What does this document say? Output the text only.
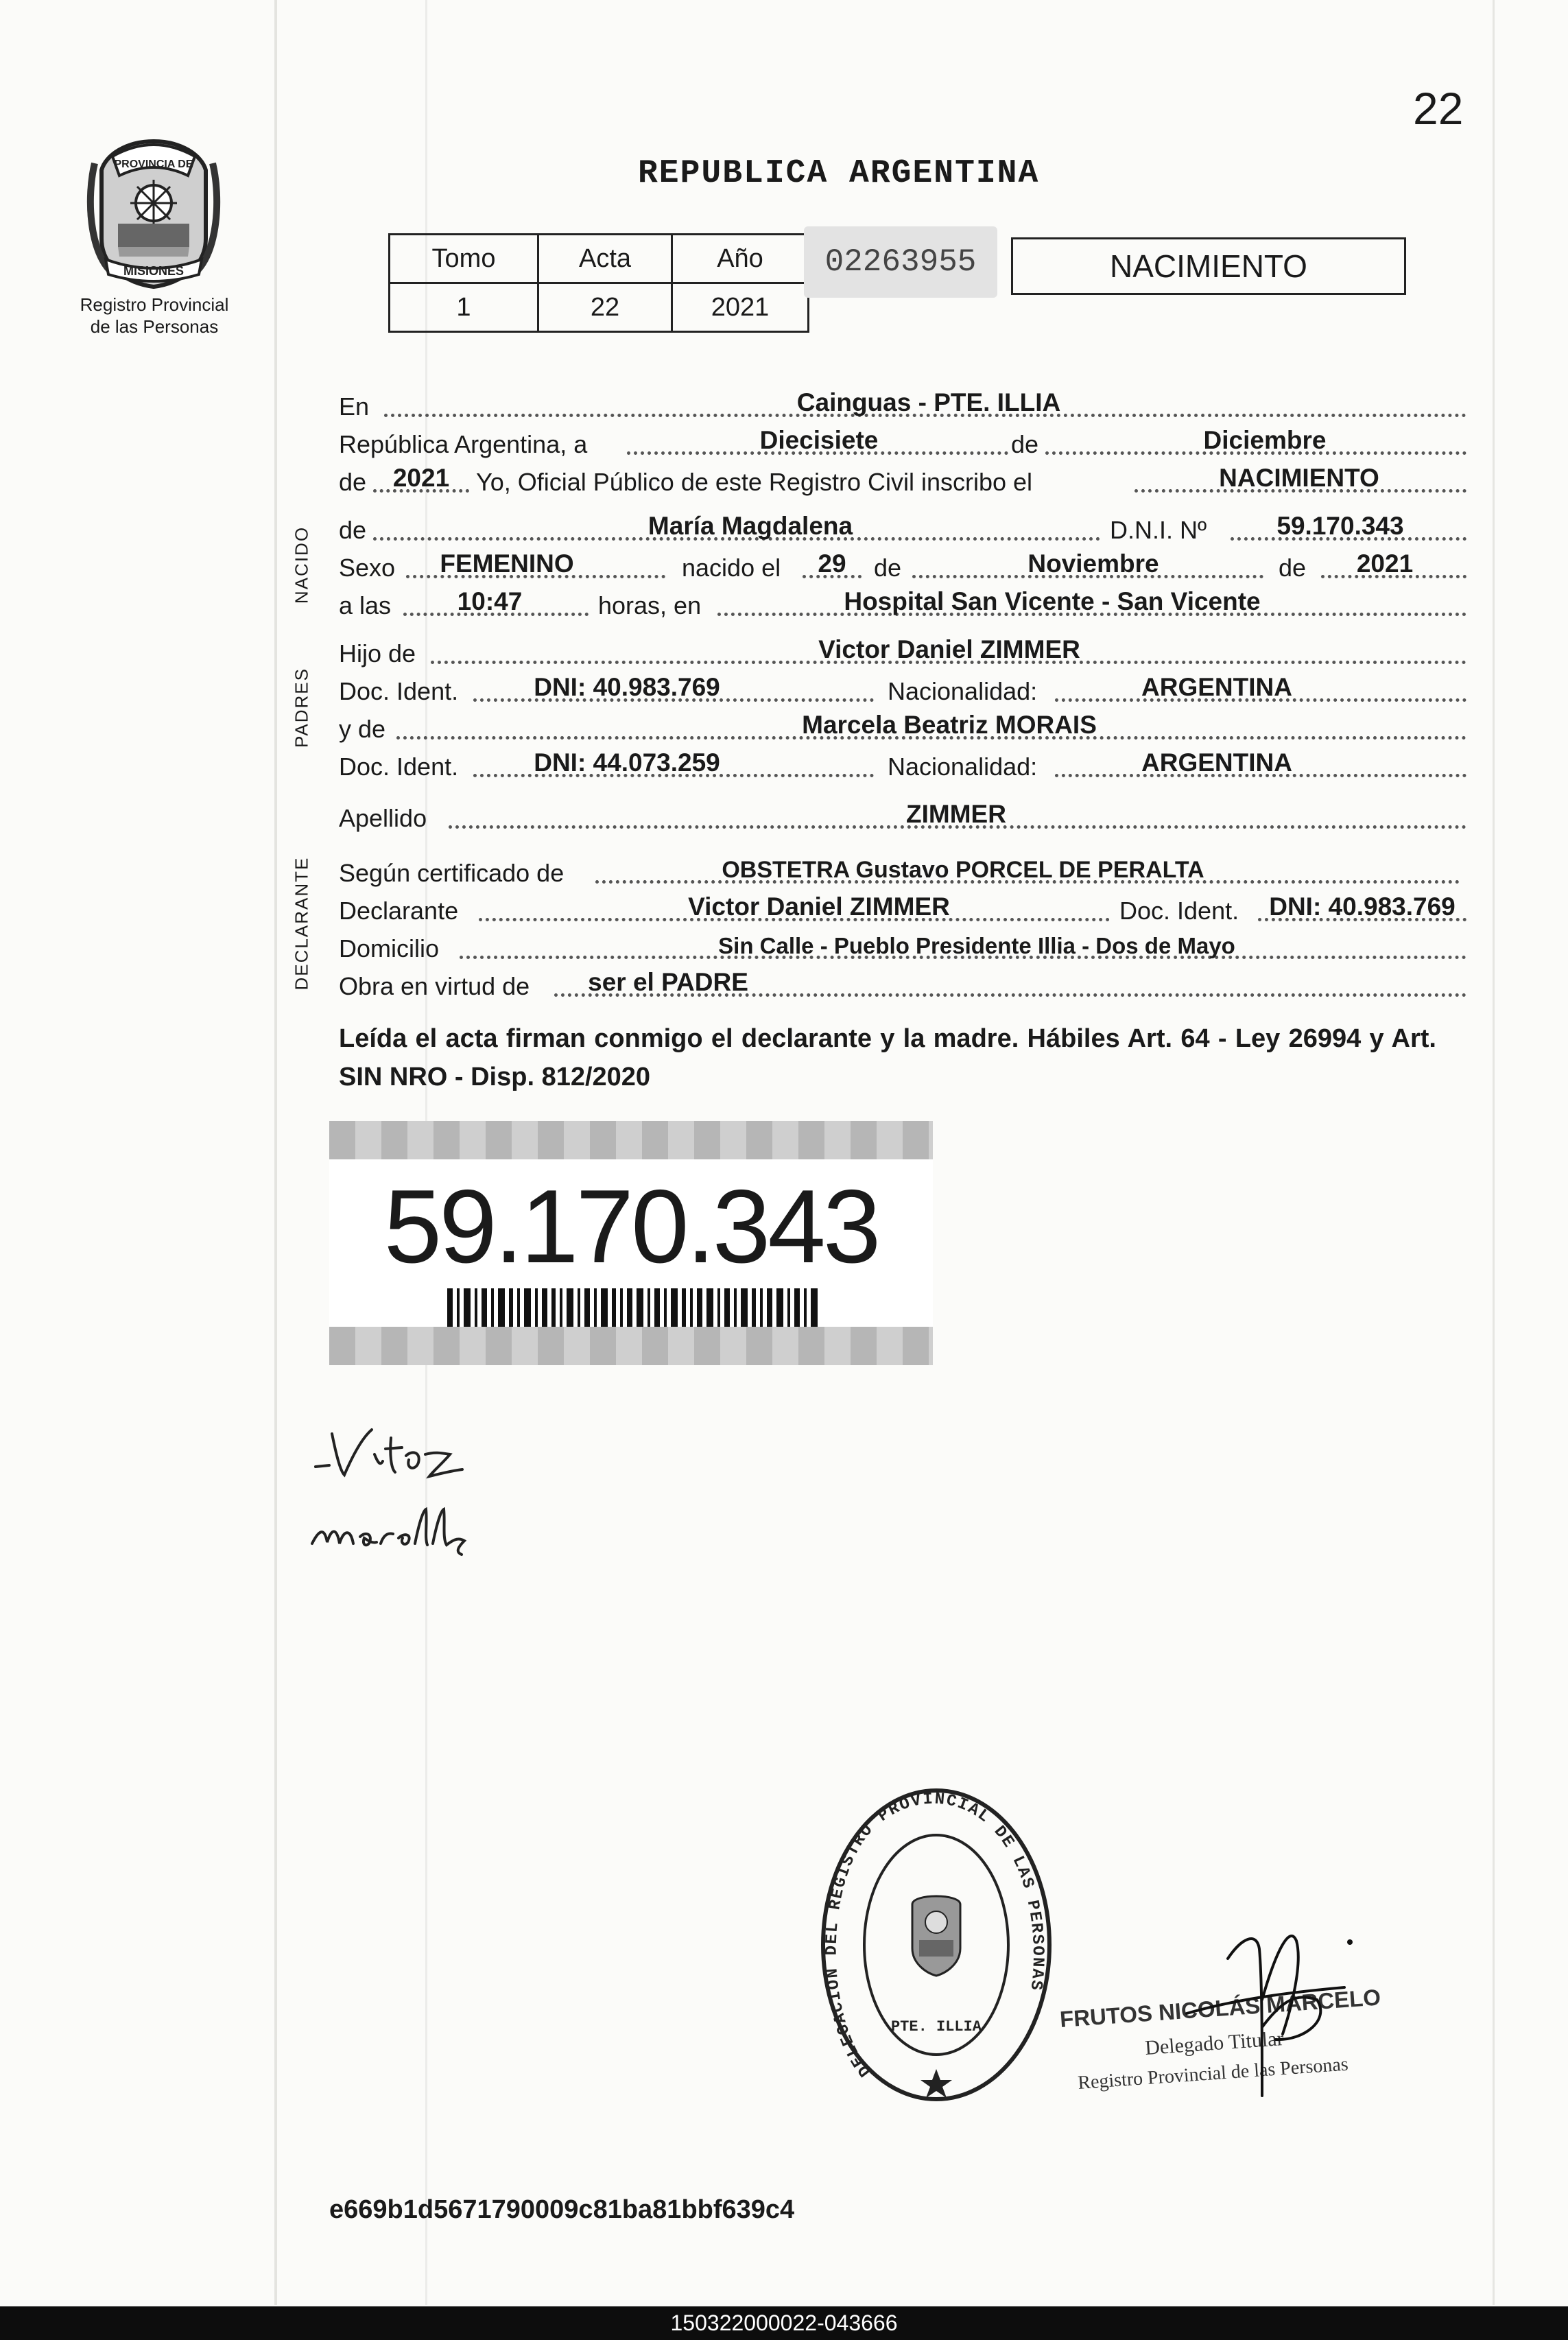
22
PROVINCIA DE
MISIONES
Registro Provincial
de las Personas
REPUBLICA ARGENTINA
Tomo	Acta	Año
1	22	2021
02263955	NACIMIENTO
NACIDO
PADRES
DECLARANTE
En	Cainguas - PTE. ILLIA
República Argentina, a	Diecisiete	de	Diciembre
de	2021	Yo, Oficial Público de este Registro Civil inscribo el	NACIMIENTO
de	María Magdalena	D.N.I. Nº	59.170.343
Sexo	FEMENINO	nacido el	29	de	Noviembre	de	2021
a las	10:47	horas, en	Hospital San Vicente - San Vicente
Hijo de	Victor Daniel ZIMMER
Doc. Ident.	DNI: 40.983.769	Nacionalidad:	ARGENTINA
y de	Marcela Beatriz MORAIS
Doc. Ident.	DNI: 44.073.259	Nacionalidad:	ARGENTINA
Apellido	ZIMMER
Según certificado de	OBSTETRA Gustavo PORCEL DE PERALTA
Declarante	Victor Daniel ZIMMER	Doc. Ident.	DNI: 40.983.769
Domicilio	Sin Calle - Pueblo Presidente Illia - Dos de Mayo
Obra en virtud de	ser el PADRE
Leída el acta firman conmigo el declarante y la madre. Hábiles Art. 64 - Ley 26994 y Art. SIN NRO - Disp. 812/2020
59.170.343
DELEGACION DEL REGISTRO PROVINCIAL DE LAS PERSONAS
PTE. ILLIA	FRUTOS NICOLÁS MARCELO
Delegado Titular
Registro Provincial de las Personas
e669b1d5671790009c81ba81bbf639c4
150322000022-043666
